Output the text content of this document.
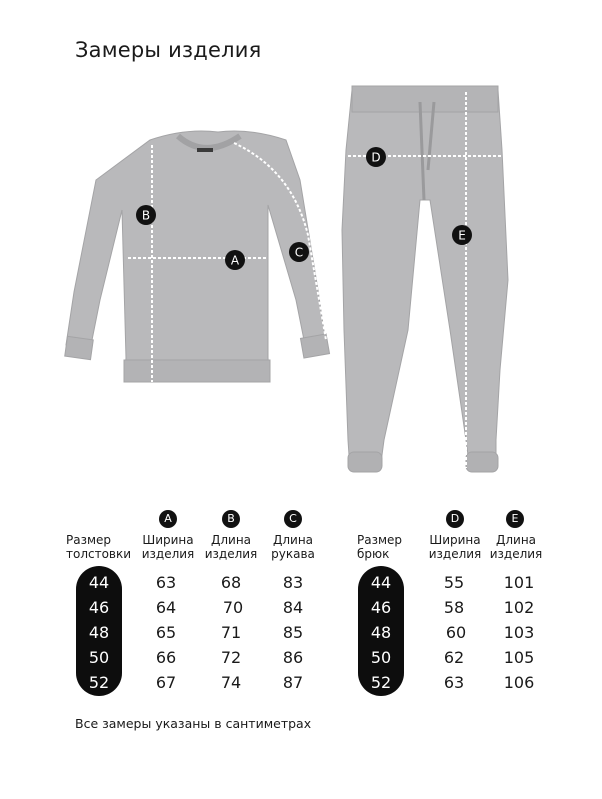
Замеры изделия
A
B
C
D
E
Размер
толстовки
A
Ширина
изделия
B
Длина
изделия
C
Длина
рукава
44
46
48
50
52
63
64
65
66
67
68
70
71
72
74
83
84
85
86
87
Размер
брюк
D
Ширина
изделия
E
Длина
изделия
44
46
48
50
52
55
58
60
62
63
101
102
103
105
106
Все замеры указаны в сантиметрах
